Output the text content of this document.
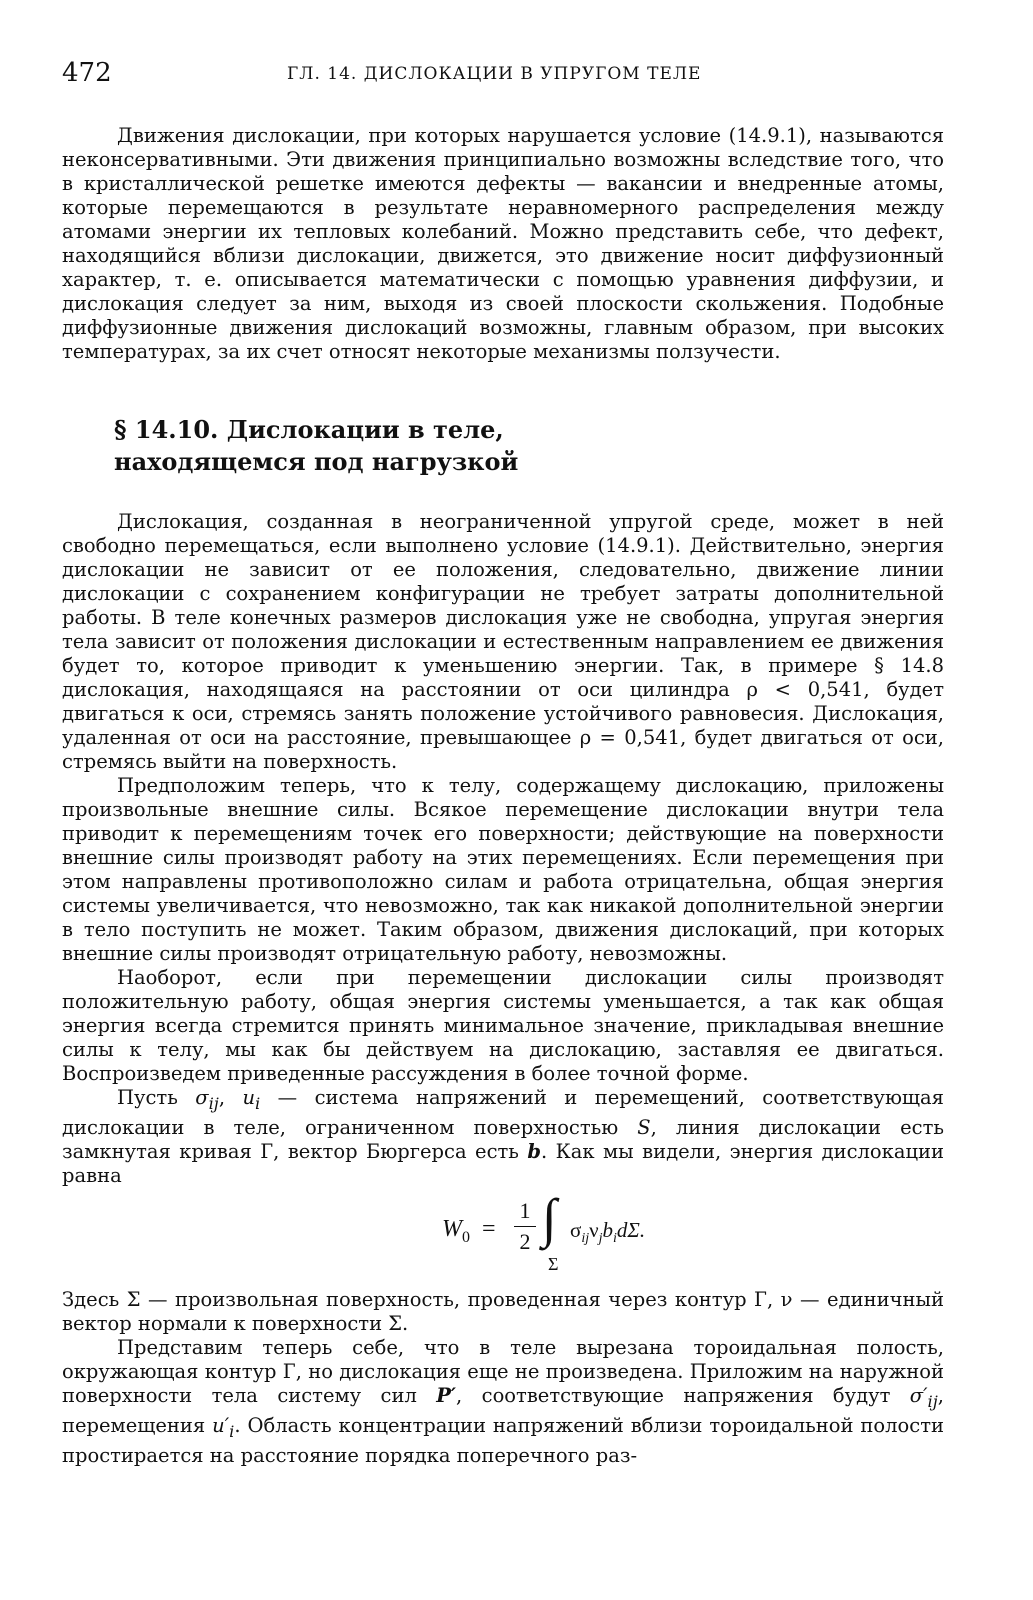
472	ГЛ. 14. ДИСЛОКАЦИИ В УПРУГОМ ТЕЛЕ

Движения дислокации, при которых нарушается условие (14.9.1), называются неконсервативными. Эти движения принципиально возможны вследствие того, что в кристаллической решетке имеются дефекты — вакансии и внедренные атомы, которые перемещаются в результате неравномерного распределения между атомами энергии их тепловых колебаний. Можно представить себе, что дефект, находящийся вблизи дислокации, движется, это движение носит диффузионный характер, т. е. описывается математически с помощью уравнения диффузии, и дислокация следует за ним, выходя из своей плоскости скольжения. Подобные диффузионные движения дислокаций возможны, главным образом, при высоких температурах, за их счет относят некоторые механизмы ползучести.

§ 14.10. Дислокации в теле,
находящемся под нагрузкой

Дислокация, созданная в неограниченной упругой среде, может в ней свободно перемещаться, если выполнено условие (14.9.1). Действительно, энергия дислокации не зависит от ее положения, следовательно, движение линии дислокации с сохранением конфигурации не требует затраты дополнительной работы. В теле конечных размеров дислокация уже не свободна, упругая энергия тела зависит от положения дислокации и естественным направлением ее движения будет то, которое приводит к уменьшению энергии. Так, в примере § 14.8 дислокация, находящаяся на расстоянии от оси цилиндра ρ < 0,541, будет двигаться к оси, стремясь занять положение устойчивого равновесия. Дислокация, удаленная от оси на расстояние, превышающее ρ = 0,541, будет двигаться от оси, стремясь выйти на поверхность.

Предположим теперь, что к телу, содержащему дислокацию, приложены произвольные внешние силы. Всякое перемещение дислокации внутри тела приводит к перемещениям точек его поверхности; действующие на поверхности внешние силы производят работу на этих перемещениях. Если перемещения при этом направлены противоположно силам и работа отрицательна, общая энергия системы увеличивается, что невозможно, так как никакой дополнительной энергии в тело поступить не может. Таким образом, движения дислокаций, при которых внешние силы производят отрицательную работу, невозможны.

Наоборот, если при перемещении дислокации силы производят положительную работу, общая энергия системы уменьшается, а так как общая энергия всегда стремится принять минимальное значение, прикладывая внешние силы к телу, мы как бы действуем на дислокацию, заставляя ее двигаться. Воспроизведем приведенные рассуждения в более точной форме.

Пусть $\sigma_{ij}$, $u_i$ — система напряжений и перемещений, соответствующая дислокации в теле, ограниченном поверхностью S, линия дислокации есть замкнутая кривая Г, вектор Бюргерса есть b. Как мы видели, энергия дислокации равна

$W_0 = \frac{1}{2}$ ∫
Σ
$\sigma_{ij}\nu_jb_id\Sigma$.

Здесь Σ — произвольная поверхность, проведенная через контур Г, ν — единичный вектор нормали к поверхности Σ.

Представим теперь себе, что в теле вырезана тороидальная полость, окружающая контур Г, но дислокация еще не произведена. Приложим на наружной поверхности тела систему сил P′, соответствующие напряжения будут $\sigma'_{ij}$, перемещения $u'_i$. Область концентрации напряжений вблизи тороидальной полости простирается на расстояние порядка поперечного раз-
